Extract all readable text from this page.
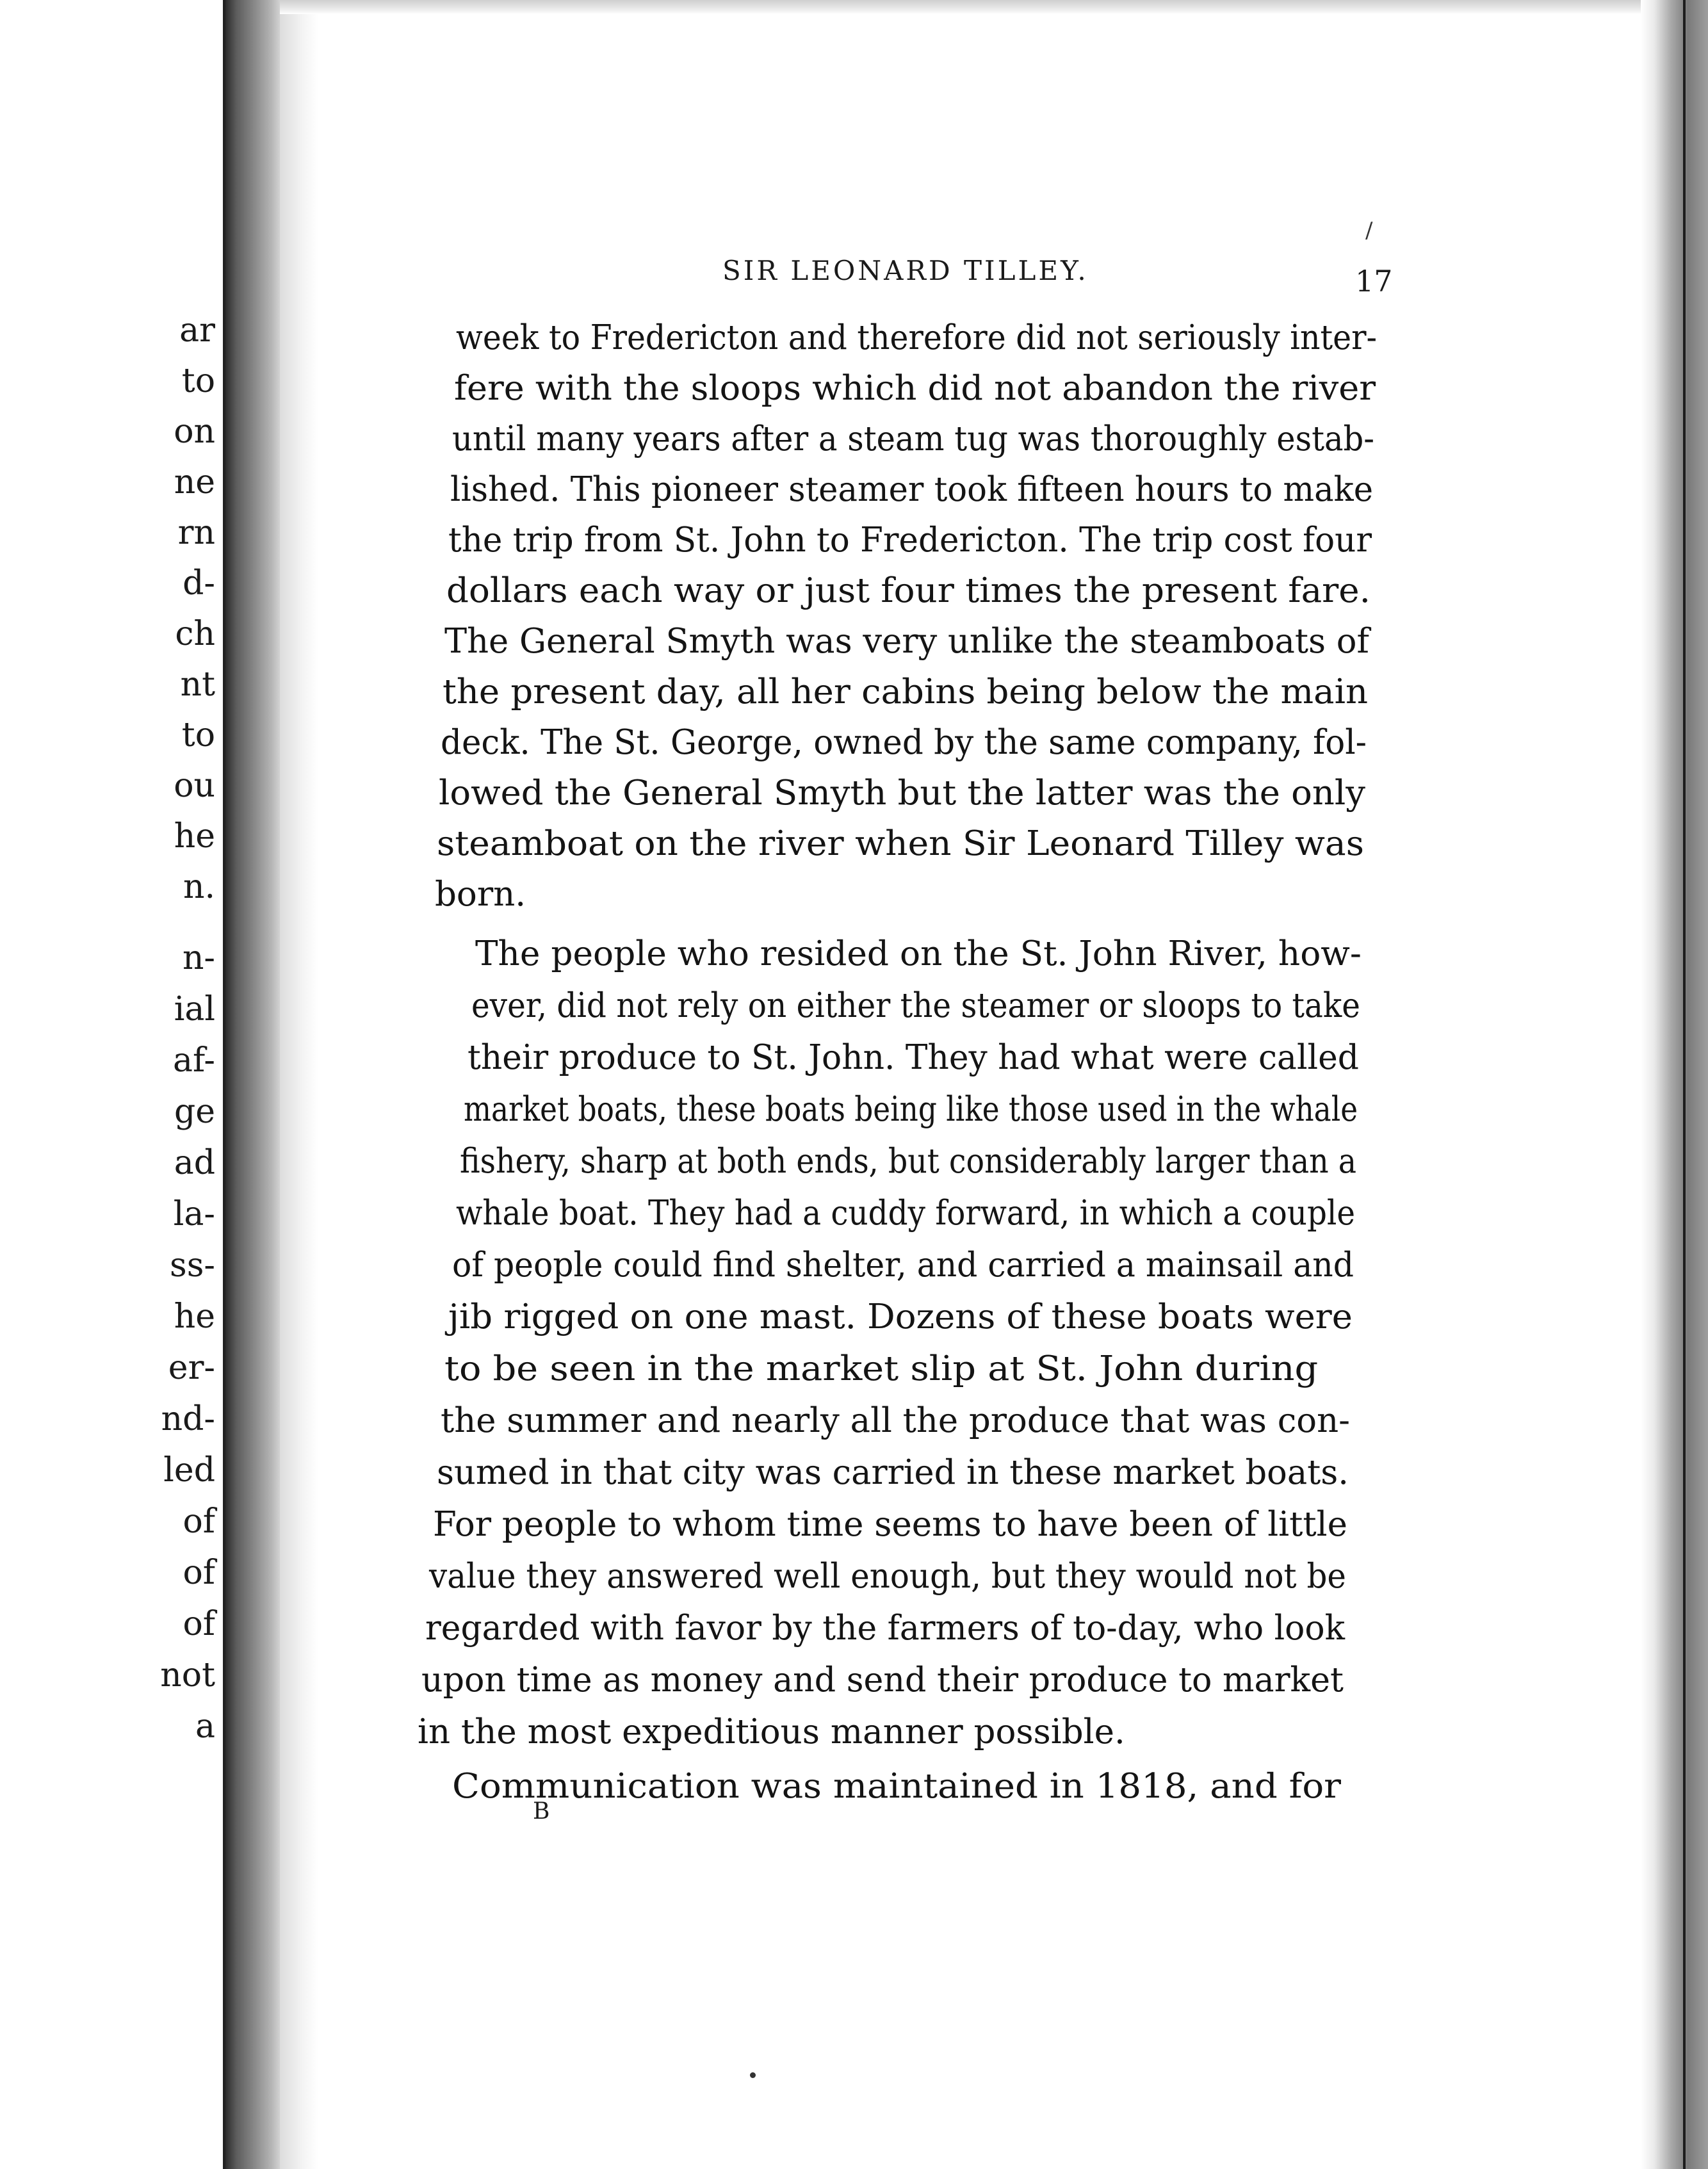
ar
to
on
ne
rn
d-
ch
nt
to
ou
he
n.
n-
ial
af-
ge
ad
la-
ss-
he
er-
nd-
led
of
of
of
not
a
/
SIR LEONARD TILLEY.	17
week to Fredericton and therefore did not seriously inter-
fere with the sloops which did not abandon the river
until many years after a steam tug was thoroughly estab-
lished. This pioneer steamer took fifteen hours to make
the trip from St. John to Fredericton. The trip cost four
dollars each way or just four times the present fare.
The General Smyth was very unlike the steamboats of
the present day, all her cabins being below the main
deck. The St. George, owned by the same company, fol-
lowed the General Smyth but the latter was the only
steamboat on the river when Sir Leonard Tilley was
born.
The people who resided on the St. John River, how-
ever, did not rely on either the steamer or sloops to take
their produce to St. John. They had what were called
market boats, these boats being like those used in the whale
fishery, sharp at both ends, but considerably larger than a
whale boat. They had a cuddy forward, in which a couple
of people could find shelter, and carried a mainsail and
jib rigged on one mast. Dozens of these boats were
to be seen in the market slip at St. John during
the summer and nearly all the produce that was con-
sumed in that city was carried in these market boats.
For people to whom time seems to have been of little
value they answered well enough, but they would not be
regarded with favor by the farmers of to-day, who look
upon time as money and send their produce to market
in the most expeditious manner possible.
Communication was maintained in 1818, and for
B
